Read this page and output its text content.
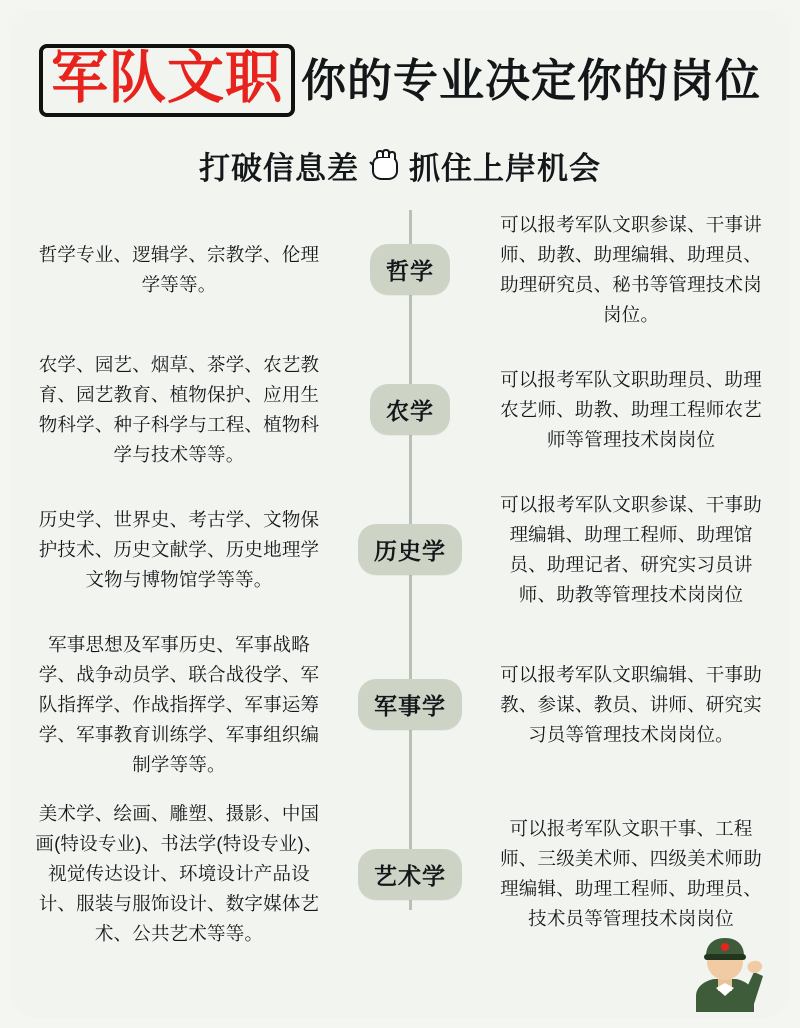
军队文职 你的专业决定你的岗位
打破信息差 抓住上岸机会
哲学专业、逻辑学、宗教学、伦理学等等。	哲学
可以报考军队文职参谋、干事讲师、助教、助理编辑、助理员、助理研究员、秘书等管理技术岗岗位。
农学、园艺、烟草、茶学、农艺教育、园艺教育、植物保护、应用生物科学、种子科学与工程、植物科学与技术等等。
农学
可以报考军队文职助理员、助理农艺师、助教、助理工程师农艺师等管理技术岗岗位
历史学、世界史、考古学、文物保护技术、历史文献学、历史地理学文物与博物馆学等等。
历史学
可以报考军队文职参谋、干事助理编辑、助理工程师、助理馆员、助理记者、研究实习员讲师、助教等管理技术岗岗位
军事思想及军事历史、军事战略学、战争动员学、联合战役学、军队指挥学、作战指挥学、军事运筹学、军事教育训练学、军事组织编制学等等。
军事学
可以报考军队文职编辑、干事助教、参谋、教员、讲师、研究实习员等管理技术岗岗位。
美术学、绘画、雕塑、摄影、中国画(特设专业)、书法学(特设专业)、视觉传达设计、环境设计产品设计、服装与服饰设计、数字媒体艺术、公共艺术等等。
艺术学
可以报考军队文职干事、工程师、三级美术师、四级美术师助理编辑、助理工程师、助理员、技术员等管理技术岗岗位
